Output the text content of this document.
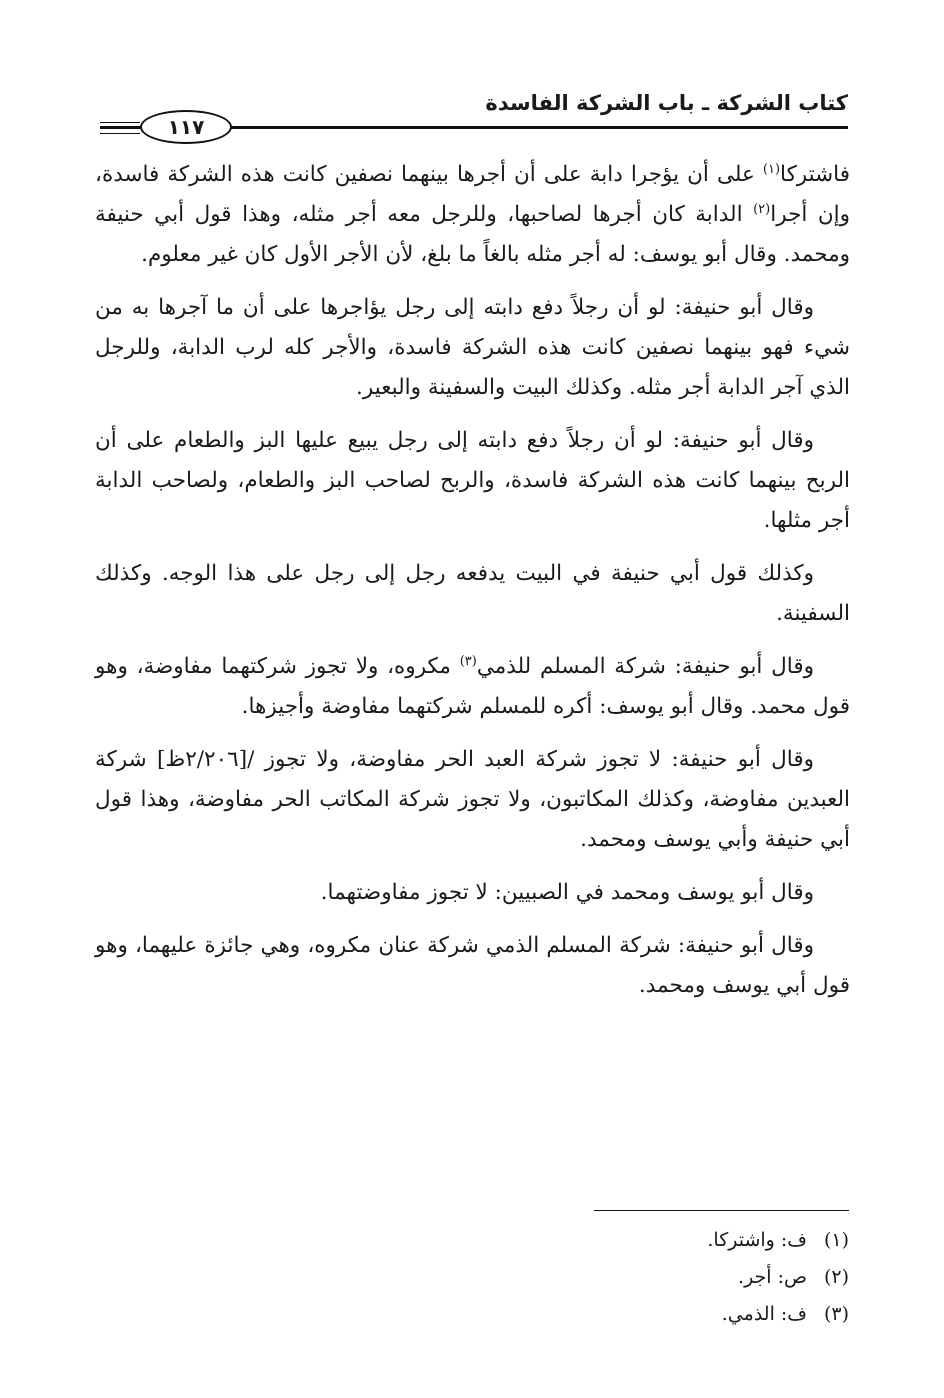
كتاب الشركة ـ باب الشركة الفاسدة
١١٧

فاشتركا$^{(١)}$ على أن يؤجرا دابة على أن أجرها بينهما نصفين كانت هذه الشركة فاسدة، وإن أجرا$^{(٢)}$ الدابة كان أجرها لصاحبها، وللرجل معه أجر مثله، وهذا قول أبي حنيفة ومحمد. وقال أبو يوسف: له أجر مثله بالغاً ما بلغ، لأن الأجر الأول كان غير معلوم.

وقال أبو حنيفة: لو أن رجلاً دفع دابته إلى رجل يؤاجرها على أن ما آجرها به من شيء فهو بينهما نصفين كانت هذه الشركة فاسدة، والأجر كله لرب الدابة، وللرجل الذي آجر الدابة أجر مثله. وكذلك البيت والسفينة والبعير.

وقال أبو حنيفة: لو أن رجلاً دفع دابته إلى رجل يبيع عليها البز والطعام على أن الربح بينهما كانت هذه الشركة فاسدة، والربح لصاحب البز والطعام، ولصاحب الدابة أجر مثلها.

وكذلك قول أبي حنيفة في البيت يدفعه رجل إلى رجل على هذا الوجه. وكذلك السفينة.

وقال أبو حنيفة: شركة المسلم للذمي$^{(٣)}$ مكروه، ولا تجوز شركتهما مفاوضة، وهو قول محمد. وقال أبو يوسف: أكره للمسلم شركتهما مفاوضة وأجيزها.

وقال أبو حنيفة: لا تجوز شركة العبد الحر مفاوضة، ولا تجوز /[٢/٢٠٦ظ] شركة العبدين مفاوضة، وكذلك المكاتبون، ولا تجوز شركة المكاتب الحر مفاوضة، وهذا قول أبي حنيفة وأبي يوسف ومحمد.

وقال أبو يوسف ومحمد في الصبيين: لا تجوز مفاوضتهما.

وقال أبو حنيفة: شركة المسلم الذمي شركة عنان مكروه، وهي جائزة عليهما، وهو قول أبي يوسف ومحمد.

(١)ف: واشتركا.
(٢)ص: أجر.
(٣)ف: الذمي.
